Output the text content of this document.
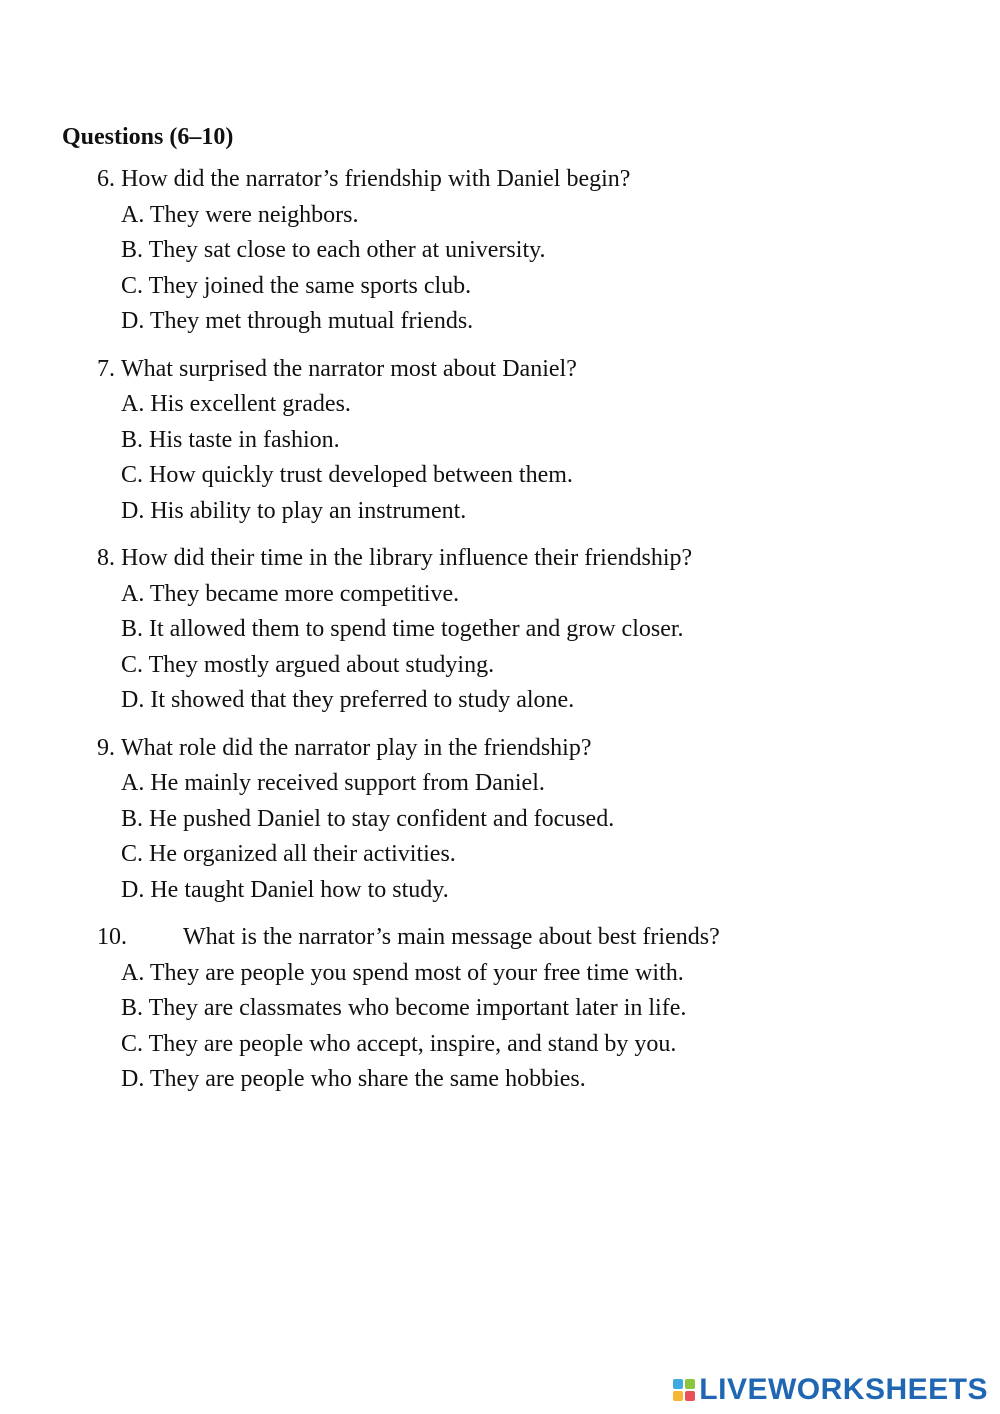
Questions (6–10)
6. How did the narrator’s friendship with Daniel begin?
A. They were neighbors.
B. They sat close to each other at university.
C. They joined the same sports club.
D. They met through mutual friends.
7. What surprised the narrator most about Daniel?
A. His excellent grades.
B. His taste in fashion.
C. How quickly trust developed between them.
D. His ability to play an instrument.
8. How did their time in the library influence their friendship?
A. They became more competitive.
B. It allowed them to spend time together and grow closer.
C. They mostly argued about studying.
D. It showed that they preferred to study alone.
9. What role did the narrator play in the friendship?
A. He mainly received support from Daniel.
B. He pushed Daniel to stay confident and focused.
C. He organized all their activities.
D. He taught Daniel how to study.
10. What is the narrator’s main message about best friends?
A. They are people you spend most of your free time with.
B. They are classmates who become important later in life.
C. They are people who accept, inspire, and stand by you.
D. They are people who share the same hobbies.
LIVEWORKSHEETS
